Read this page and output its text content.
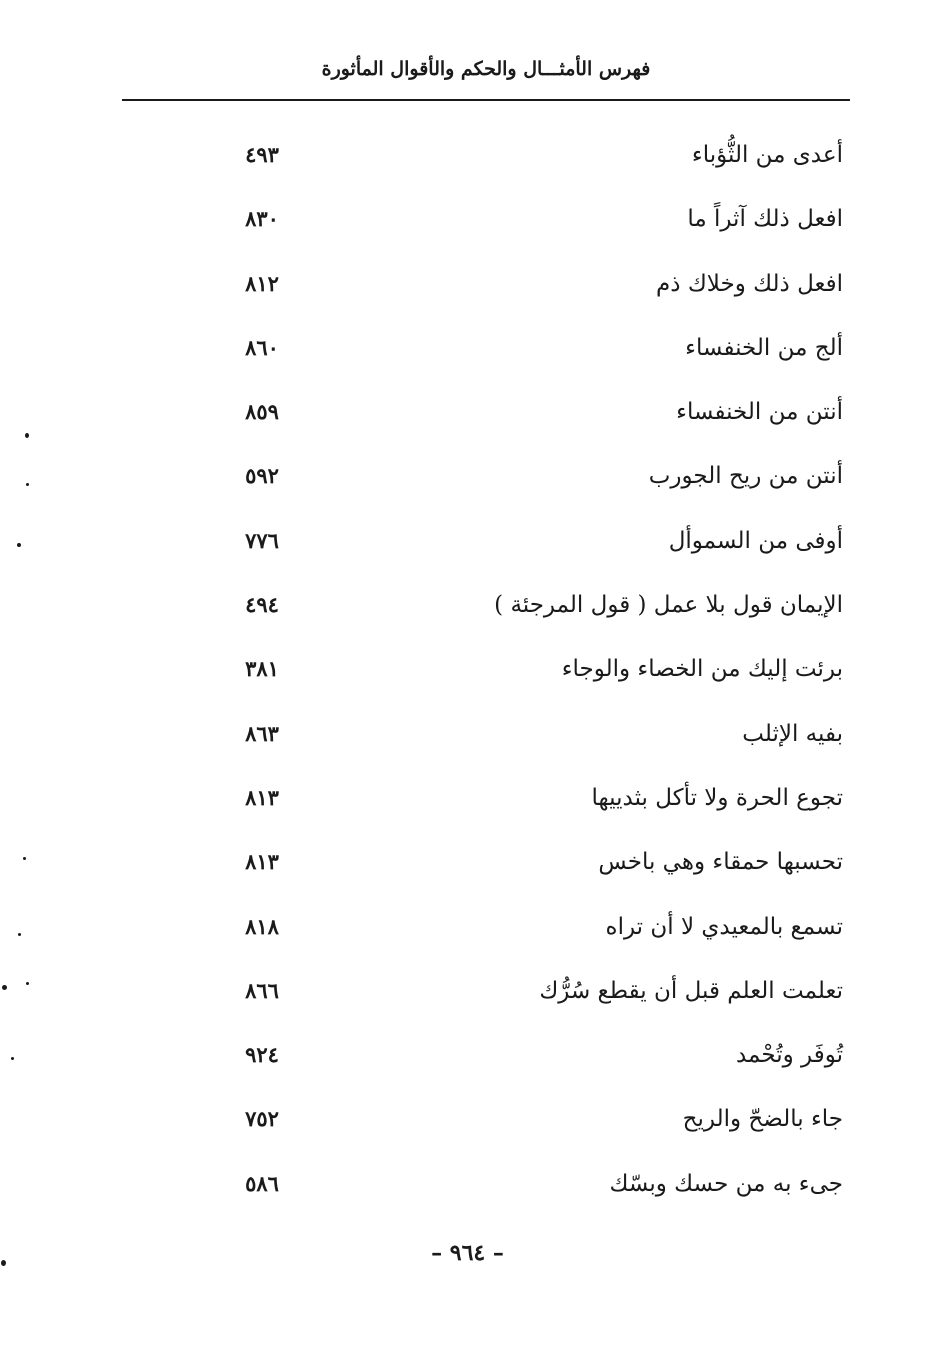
فهرس الأمثـــال والحكم والأقوال المأثورة
أعدى من الثُّؤباء
٤٩٣
افعل ذلك آثراً ما
٨٣٠
افعل ذلك وخلاك ذم
٨١٢
ألج من الخنفساء
٨٦٠
أنتن من الخنفساء
٨٥٩
أنتن من ريح الجورب
٥٩٢
أوفى من السموأل
٧٧٦
الإيمان قول بلا عمل ( قول المرجئة )
٤٩٤
برئت إليك من الخصاء والوجاء
٣٨١
بفيه الإثلب
٨٦٣
تجوع الحرة ولا تأكل بثدييها
٨١٣
تحسبها حمقاء وهي باخس
٨١٣
تسمع بالمعيدي لا أن تراه
٨١٨
تعلمت العلم قبل أن يقطع سُرُّك
٨٦٦
تُوفَر وتُحْمد
٩٢٤
جاء بالضحّ والريح
٧٥٢
جىء به من حسك وبسّك
٥٨٦
– ٩٦٤ –
